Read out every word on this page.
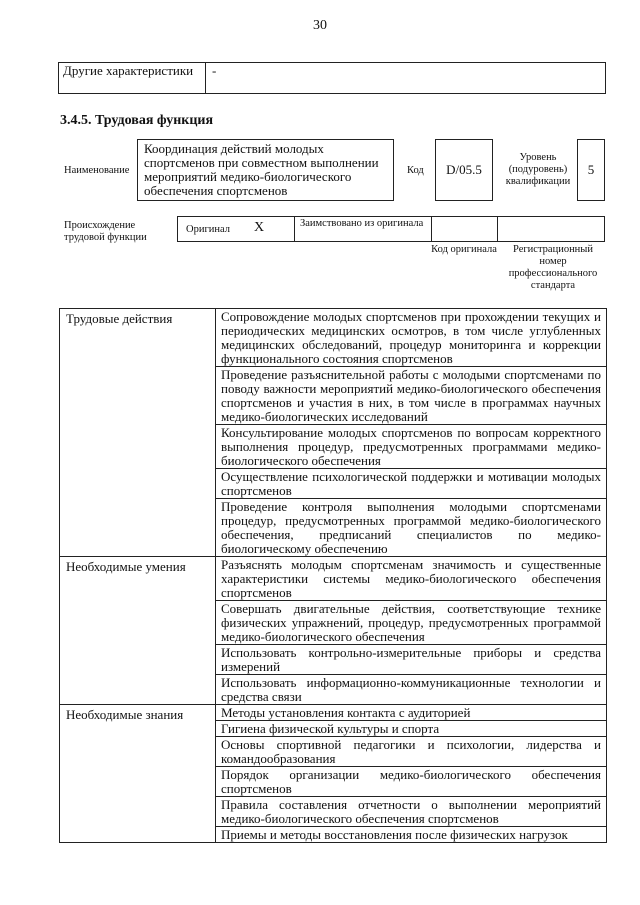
30
Другие характеристики	-
3.4.5. Трудовая функция
Наименование
Координация действий молодых спортсменов при совместном выполнении мероприятий медико-биологического обеспечения спортсменов
Код	D/05.5
Уровень (подуровень) квалификации
5
Происхождение трудовой функции
Оригинал X	Заимствовано из оригинала
Код оригинала	Регистрационный номер профессионального стандарта
Трудовые действия	Сопровождение молодых спортсменов при прохождении текущих и периодических медицинских осмотров, в том числе углубленных медицинских обследований, процедур мониторинга и коррекции функционального состояния спортсменов
	Проведение разъяснительной работы с молодыми спортсменами по поводу важности мероприятий медико-биологического обеспечения спортсменов и участия в них, в том числе в программах научных медико-биологических исследований
	Консультирование молодых спортсменов по вопросам корректного выполнения процедур, предусмотренных программами медико-биологического обеспечения
	Осуществление психологической поддержки и мотивации молодых спортсменов
	Проведение контроля выполнения молодыми спортсменами процедур, предусмотренных программой медико-биологического обеспечения, предписаний специалистов по медико-биологическому обеспечению
Необходимые умения	Разъяснять молодым спортсменам значимость и существенные характеристики системы медико-биологического обеспечения спортсменов
	Совершать двигательные действия, соответствующие технике физических упражнений, процедур, предусмотренных программой медико-биологического обеспечения
	Использовать контрольно-измерительные приборы и средства измерений
	Использовать информационно-коммуникационные технологии и средства связи
Необходимые знания	Методы установления контакта с аудиторией
	Гигиена физической культуры и спорта
	Основы спортивной педагогики и психологии, лидерства и командообразования
	Порядок организации медико-биологического обеспечения спортсменов
	Правила составления отчетности о выполнении мероприятий медико-биологического обеспечения спортсменов
	Приемы и методы восстановления после физических нагрузок
